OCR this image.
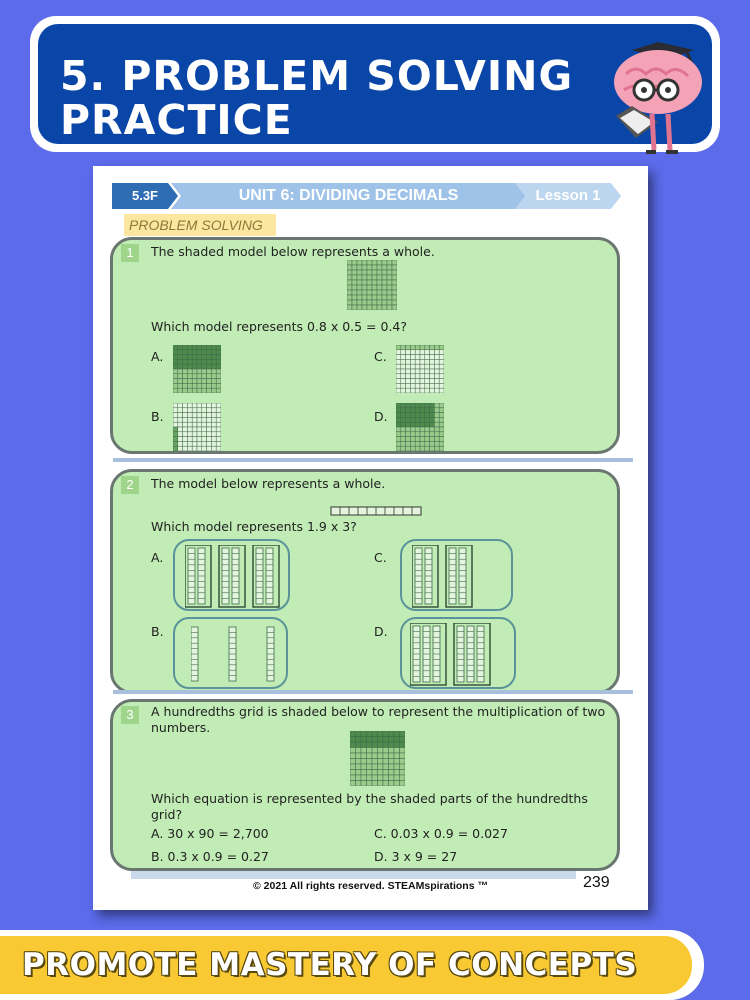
5. PROBLEM SOLVING
PRACTICE
5.3F	UNIT 6: DIVIDING DECIMALS	Lesson 1
PROBLEM SOLVING
1	The shaded model below represents a whole.
Which model represents 0.8 x 0.5 = 0.4?
A.	C.
B.	D.
2	The model below represents a whole.
Which model represents 1.9 x 3?
A.	C.
B.	D.
3	A hundredths grid is shaded below to represent the multiplication of two
numbers.
Which equation is represented by the shaded parts of the hundredths grid?
A. 30 x 90 = 2,700	C. 0.03 x 0.9 = 0.027
B. 0.3 x 0.9 = 0.27	D. 3 x 9 = 27
© 2021 All rights reserved. STEAMspirations ™	239
PROMOTE MASTERY OF CONCEPTS
